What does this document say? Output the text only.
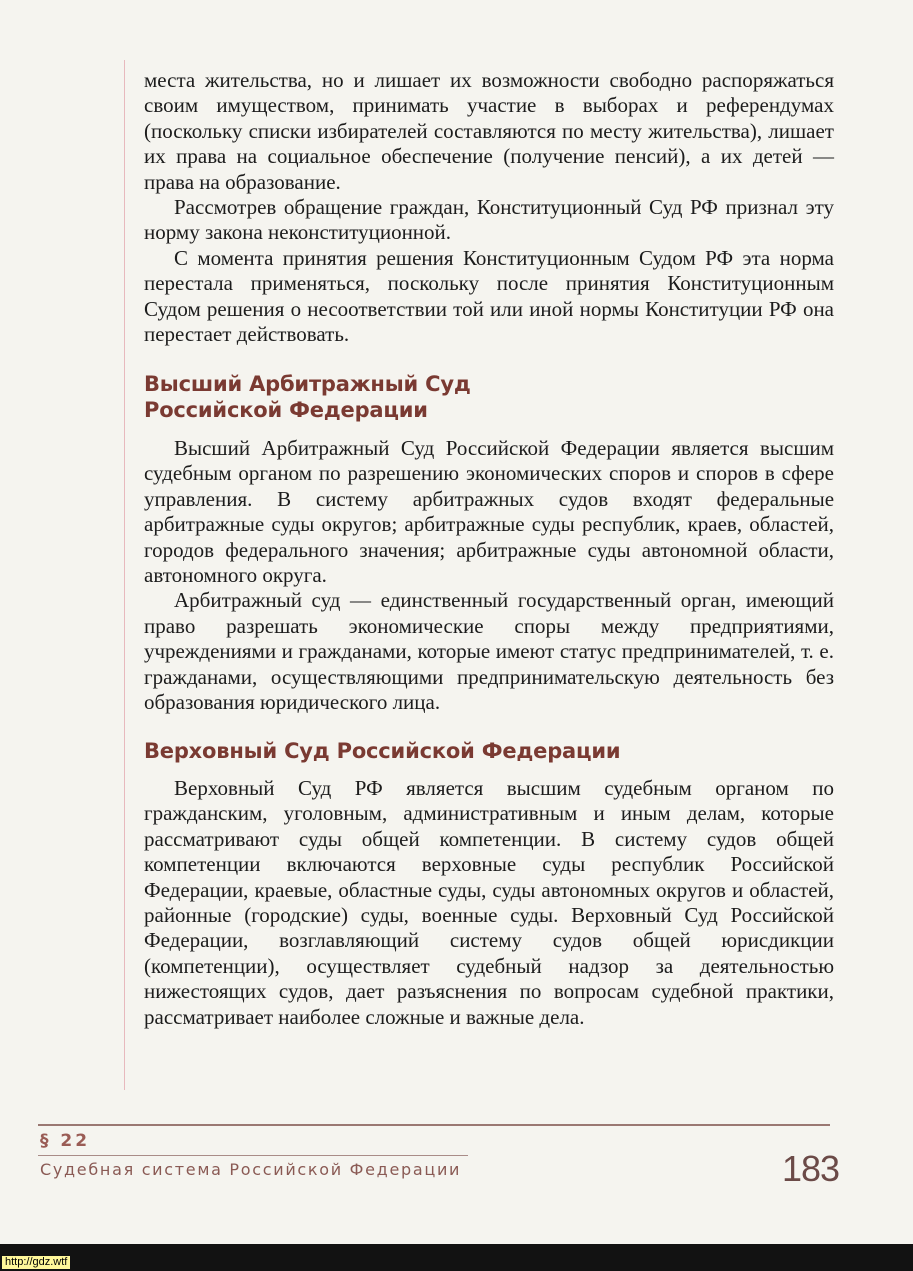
места жительства, но и лишает их возможности свободно распоряжаться своим имуществом, принимать участие в выборах и референдумах (поскольку списки избирателей составляются по месту жительства), лишает их права на социальное обеспечение (получение пенсий), а их детей — права на образование.

Рассмотрев обращение граждан, Конституционный Суд РФ признал эту норму закона неконституционной.

С момента принятия решения Конституционным Судом РФ эта норма перестала применяться, поскольку после принятия Конституционным Судом решения о несоответствии той или иной нормы Конституции РФ она перестает действовать.

Высший Арбитражный Суд
Российской Федерации

Высший Арбитражный Суд Российской Федерации является высшим судебным органом по разрешению экономических споров и споров в сфере управления. В систему арбитражных судов входят федеральные арбитражные суды округов; арбитражные суды республик, краев, областей, городов федерального значения; арбитражные суды автономной области, автономного округа.

Арбитражный суд — единственный государственный орган, имеющий право разрешать экономические споры между предприятиями, учреждениями и гражданами, которые имеют статус предпринимателей, т. е. гражданами, осуществляющими предпринимательскую деятельность без образования юридического лица.

Верховный Суд Российской Федерации

Верховный Суд РФ является высшим судебным органом по гражданским, уголовным, административным и иным делам, которые рассматривают суды общей компетенции. В систему судов общей компетенции включаются верховные суды республик Российской Федерации, краевые, областные суды, суды автономных округов и областей, районные (городские) суды, военные суды. Верховный Суд Российской Федерации, возглавляющий систему судов общей юрисдикции (компетенции), осуществляет судебный надзор за деятельностью нижестоящих судов, дает разъяснения по вопросам судебной практики, рассматривает наиболее сложные и важные дела.

§ 22
Судебная система Российской Федерации	183
http://gdz.wtf
